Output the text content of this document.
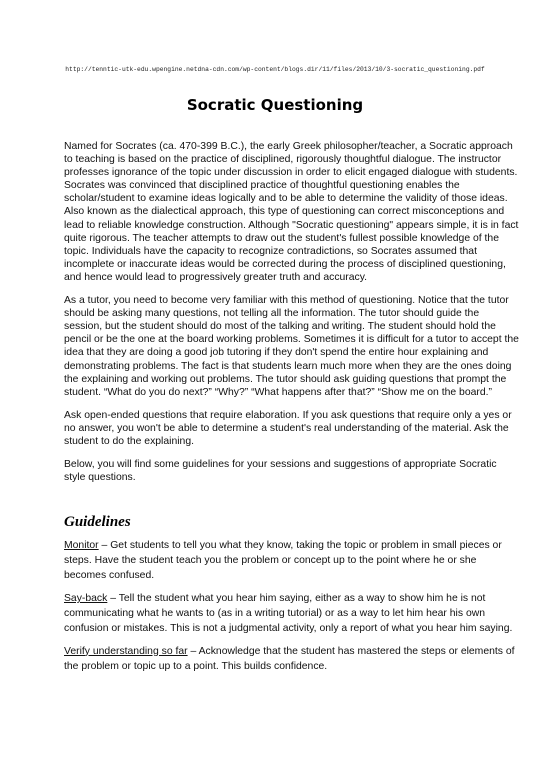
http://tenntic-utk-edu.wpengine.netdna-cdn.com/wp-content/blogs.dir/11/files/2013/10/3-socratic_questioning.pdf
Socratic Questioning

Named for Socrates (ca. 470-399 B.C.), the early Greek philosopher/teacher, a Socratic approach to teaching is based on the practice of disciplined, rigorously thoughtful dialogue. The instructor professes ignorance of the topic under discussion in order to elicit engaged dialogue with students. Socrates was convinced that disciplined practice of thoughtful questioning enables the scholar/student to examine ideas logically and to be able to determine the validity of those ideas. Also known as the dialectical approach, this type of questioning can correct misconceptions and lead to reliable knowledge construction. Although "Socratic questioning" appears simple, it is in fact quite rigorous. The teacher attempts to draw out the student's fullest possible knowledge of the topic. Individuals have the capacity to recognize contradictions, so Socrates assumed that incomplete or inaccurate ideas would be corrected during the process of disciplined questioning, and hence would lead to progressively greater truth and accuracy.

As a tutor, you need to become very familiar with this method of questioning. Notice that the tutor should be asking many questions, not telling all the information. The tutor should guide the session, but the student should do most of the talking and writing. The student should hold the pencil or be the one at the board working problems. Sometimes it is difficult for a tutor to accept the idea that they are doing a good job tutoring if they don't spend the entire hour explaining and demonstrating problems. The fact is that students learn much more when they are the ones doing the explaining and working out problems. The tutor should ask guiding questions that prompt the student. “What do you do next?” “Why?” “What happens after that?” “Show me on the board.”

Ask open-ended questions that require elaboration. If you ask questions that require only a yes or no answer, you won't be able to determine a student's real understanding of the material. Ask the student to do the explaining.

Below, you will find some guidelines for your sessions and suggestions of appropriate Socratic style questions.

Guidelines

Monitor – Get students to tell you what they know, taking the topic or problem in small pieces or steps. Have the student teach you the problem or concept up to the point where he or she becomes confused.

Say-back – Tell the student what you hear him saying, either as a way to show him he is not communicating what he wants to (as in a writing tutorial) or as a way to let him hear his own confusion or mistakes. This is not a judgmental activity, only a report of what you hear him saying.

Verify understanding so far – Acknowledge that the student has mastered the steps or elements of the problem or topic up to a point. This builds confidence.
